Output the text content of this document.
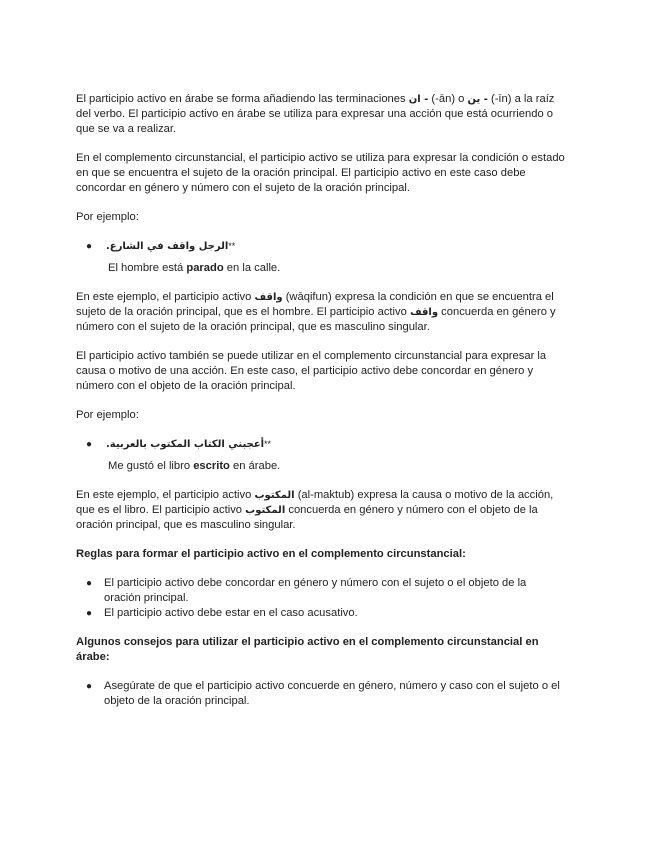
El participio activo en árabe se forma añadiendo las terminaciones - ان (-ān) o - ين (-īn) a la raíz del verbo. El participio activo en árabe se utiliza para expresar una acción que está ocurriendo o que se va a realizar.

En el complemento circunstancial, el participio activo se utiliza para expresar la condición o estado en que se encuentra el sujeto de la oración principal. El participio activo en este caso debe concordar en género y número con el sujeto de la oración principal.

Por ejemplo:

● الرجل واقف في الشارع.**

El hombre está parado en la calle.

En este ejemplo, el participio activo واقف (wāqifun) expresa la condición en que se encuentra el sujeto de la oración principal, que es el hombre. El participio activo واقف concuerda en género y número con el sujeto de la oración principal, que es masculino singular.

El participio activo también se puede utilizar en el complemento circunstancial para expresar la causa o motivo de una acción. En este caso, el participio activo debe concordar en género y número con el objeto de la oración principal.

Por ejemplo:

● أعجبني الكتاب المكتوب بالعربية.**

Me gustó el libro escrito en árabe.

En este ejemplo, el participio activo المكتوب (al-maktub) expresa la causa o motivo de la acción, que es el libro. El participio activo المكتوب concuerda en género y número con el objeto de la oración principal, que es masculino singular.

Reglas para formar el participio activo en el complemento circunstancial:

● El participio activo debe concordar en género y número con el sujeto o el objeto de la oración principal.
● El participio activo debe estar en el caso acusativo.

Algunos consejos para utilizar el participio activo en el complemento circunstancial en árabe:

● Asegúrate de que el participio activo concuerde en género, número y caso con el sujeto o el objeto de la oración principal.
